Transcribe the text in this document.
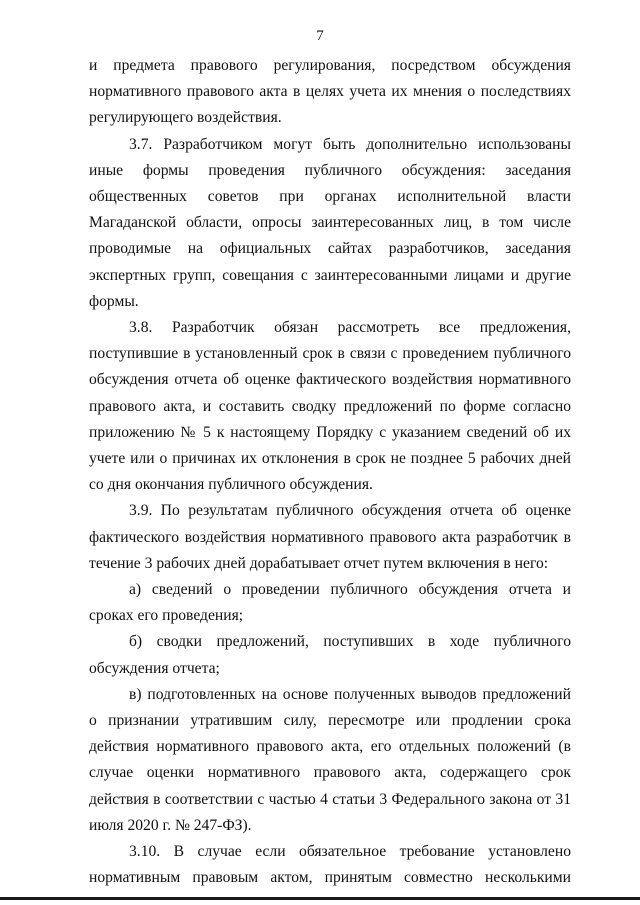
7

и предмета правового регулирования, посредством обсуждения нормативного правового акта в целях учета их мнения о последствиях регулирующего воздействия.

3.7. Разработчиком могут быть дополнительно использованы иные формы проведения публичного обсуждения: заседания общественных советов при органах исполнительной власти Магаданской области, опросы заинтересованных лиц, в том числе проводимые на официальных сайтах разработчиков, заседания экспертных групп, совещания с заинтересованными лицами и другие формы.

3.8. Разработчик обязан рассмотреть все предложения, поступившие в установленный срок в связи с проведением публичного обсуждения отчета об оценке фактического воздействия нормативного правового акта, и составить сводку предложений по форме согласно приложению № 5 к настоящему Порядку с указанием сведений об их учете или о причинах их отклонения в срок не позднее 5 рабочих дней со дня окончания публичного обсуждения.

3.9. По результатам публичного обсуждения отчета об оценке фактического воздействия нормативного правового акта разработчик в течение 3 рабочих дней дорабатывает отчет путем включения в него:

а) сведений о проведении публичного обсуждения отчета и сроках его проведения;

б) сводки предложений, поступивших в ходе публичного обсуждения отчета;

в) подготовленных на основе полученных выводов предложений о признании утратившим силу, пересмотре или продлении срока действия нормативного правового акта, его отдельных положений (в случае оценки нормативного правового акта, содержащего срок действия в соответствии с частью 4 статьи 3 Федерального закона от 31 июля 2020 г. № 247-ФЗ).

3.10. В случае если обязательное требование установлено нормативным правовым актом, принятым совместно несколькими
